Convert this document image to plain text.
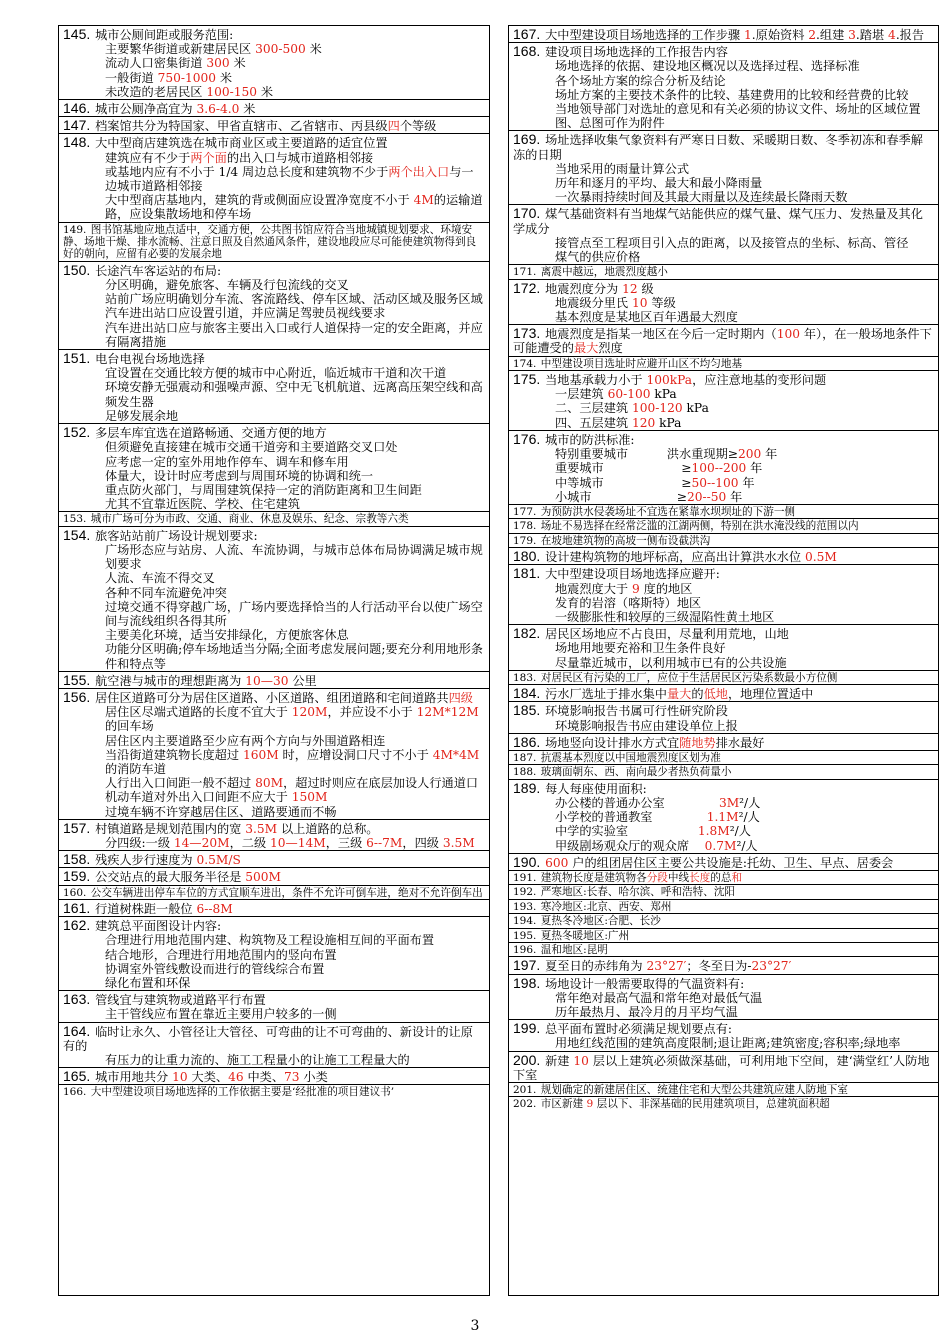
145. 城市公厕间距或服务范围:
主要繁华街道或新建居民区 300-500 米
流动人口密集街道 300 米
一般街道 750-1000 米
未改造的老居民区 100-150 米
146. 城市公厕净高宜为 3.6-4.0 米
147. 档案馆共分为特国家、甲省直辖市、乙省辖市、丙县级四个等级
148. 大中型商店建筑选在城市商业区或主要道路的适宜位置
建筑应有不少于两个面的出入口与城市道路相邻接
或基地内应有不小于 1/4 周边总长度和建筑物不少于两个出入口与一边城市道路相邻接
大中型商店基地内，建筑的背或侧面应设置净宽度不小于 4M的运输道路，应设集散场地和停车场
149. 图书馆基地应地点适中，交通方便，公共图书馆应符合当地城镇规划要求、环境安静、场地干燥、排水流畅、注意日照及自然通风条件，建设地段应尽可能使建筑物得到良好的朝向，应留有必要的发展余地
150. 长途汽车客运站的布局:
分区明确，避免旅客、车辆及行包流线的交叉
站前广场应明确划分车流、客流路线、停车区域、活动区域及服务区域
汽车进出站口应设置引道，并应满足驾驶员视线要求
汽车进出站口应与旅客主要出入口或行人道保持一定的安全距离，并应有隔离措施
151. 电台电视台场地选择
宜设置在交通比较方便的城市中心附近，临近城市干道和次干道
环境安静无强震动和强噪声源、空中无飞机航道、远离高压架空线和高频发生器
足够发展余地
152. 多层车库宜选在道路畅通、交通方便的地方
但须避免直接建在城市交通干道旁和主要道路交叉口处
应考虑一定的室外用地作停车、调车和修车用
体量大，设计时应考虑到与周围环境的协调和统一
重点防火部门，与周围建筑保持一定的消防距离和卫生间距
尤其不宜靠近医院、学校、住宅建筑
153. 城市广场可分为市政、交通、商业、休息及娱乐、纪念、宗教等六类
154. 旅客站站前广场设计规划要求:
广场形态应与站房、人流、车流协调，与城市总体布局协调满足城市规划要求
人流、车流不得交叉
各种不同车流避免冲突
过境交通不得穿越广场，广场内要选择恰当的人行活动平台以使广场空间与流线组织各得其所
主要美化环境，适当安排绿化，方便旅客休息
功能分区明确;停车场地适当分隔;全面考虑发展问题;要充分利用地形条件和特点等
155. 航空港与城市的理想距离为 10—30 公里
156. 居住区道路可分为居住区道路、小区道路、组团道路和宅间道路共四级
居住区尽端式道路的长度不宜大于 120M，并应设不小于 12M*12M 的回车场
居住区内主要道路至少应有两个方向与外围道路相连
当沿街道建筑物长度超过 160M 时，应增设洞口尺寸不小于 4M*4M 的消防车道
人行出入口间距一般不超过 80M，超过时则应在底层加设人行通道口
机动车道对外出入口间距不应大于 150M
过境车辆不许穿越居住区、道路要通而不畅
157. 村镇道路是规划范围内的宽 3.5M 以上道路的总称。
分四级:一级 14—20M，二级 10—14M，三级 6--7M，四级 3.5M
158. 残疾人步行速度为 0.5M/S
159. 公交站点的最大服务半径是 500M
160. 公交车辆进出停车车位的方式宜顺车进出，条件不允许可倒车进，绝对不允许倒车出
161. 行道树株距一般位 6--8M
162. 建筑总平面图设计内容:
合理进行用地范围内建、构筑物及工程设施相互间的平面布置
结合地形，合理进行用地范围内的竖向布置
协调室外管线敷设而进行的管线综合布置
绿化布置和环保
163. 管线宜与建筑物或道路平行布置
主干管线应布置在靠近主要用户较多的一侧
164. 临时让永久、小管径让大管径、可弯曲的让不可弯曲的、新设计的让原有的
有压力的让重力流的、施工工程量小的让施工工程量大的
165. 城市用地共分 10 大类、46 中类、73 小类
166. 大中型建设项目场地选择的工作依据主要是‘经批准的项目建议书’
167. 大中型建设项目场地选择的工作步骤 1.原始资料 2.组建 3.踏堪 4.报告
168. 建设项目场地选择的工作报告内容
场地选择的依据、建设地区概况以及选择过程、选择标准
各个场址方案的综合分析及结论
场址方案的主要技术条件的比较、基建费用的比较和经营费的比较
当地领导部门对选址的意见和有关必须的协议文件、场址的区域位置图、总图可作为附件
169. 场址选择收集气象资料有严寒日日数、采暖期日数、冬季初冻和春季解冻的日期
当地采用的雨量计算公式
历年和逐月的平均、最大和最小降雨量
一次暴雨持续时间及其最大雨量以及连续最长降雨天数
170. 煤气基础资料有当地煤气站能供应的煤气量、煤气压力、发热量及其化学成分
接管点至工程项目引入点的距离，以及接管点的坐标、标高、管径
煤气的供应价格
171. 离震中越远，地震烈度越小
172. 地震烈度分为 12 级
地震级分里氏 10 等级
基本烈度是某地区百年遇最大烈度
173. 地震烈度是指某一地区在今后一定时期内（100 年），在一般场地条件下可能遭受的最大烈度
174. 中型建设项目选址时应避开山区不均匀地基
175. 当地基承载力小于 100kPa，应注意地基的变形问题
一层建筑 60-100 kPa
二、三层建筑 100-120 kPa
四、五层建筑 120 kPa
176. 城市的防洪标准:
特别重要城市          洪水重现期≥200 年
重要城市                    ≥100--200 年
中等城市                    ≥50--100 年
小城市                      ≥20--50 年
177. 为预防洪水侵袭场址不宜选在紧靠水坝坝址的下游一侧
178. 场址不易选择在经常泛滥的江湖两侧，特别在洪水淹没线的范围以内
179. 在坡地建筑物的高坡一侧布设截洪沟
180. 设计建构筑物的地坪标高，应高出计算洪水水位 0.5M
181. 大中型建设项目场地选择应避开:
地震烈度大于 9 度的地区
发育的岩溶（喀斯特）地区
一级膨胀性和较厚的三级湿陷性黄土地区
182. 居民区场地应不占良田，尽量利用荒地，山地
场地用地要充裕和卫生条件良好
尽量靠近城市，以利用城市已有的公共设施
183. 对居民区有污染的工厂，应位于生活居民区污染系数最小方位侧
184. 污水厂选址于排水集中量大的低地，地理位置适中
185. 环境影响报告书属可行性研究阶段
环境影响报告书应由建设单位上报
186. 场地竖向设计排水方式宜随地势排水最好
187. 抗震基本烈度以中国地震烈度区划为准
188. 玻璃面朝东、西、南向最少者热负荷量小
189. 每人每座使用面积:
办公楼的普通办公室              3M²/人
小学校的普通教室              1.1M²/人
中学的实验室                  1.8M²/人
甲级剧场观众厅的观众席    0.7M²/人
190. 600 户的组团居住区主要公共设施是:托幼、卫生、早点、居委会
191. 建筑物长度是建筑物各分段中线长度的总和
192. 严寒地区:长春、哈尔滨、呼和浩特、沈阳
193. 寒冷地区:北京、西安、郑州
194. 夏热冬冷地区:合肥、长沙
195. 夏热冬暖地区:广州
196. 温和地区:昆明
197. 夏至日的赤纬角为 23°27′；冬至日为-23°27′
198. 场地设计一般需要取得的气温资料有:
常年绝对最高气温和常年绝对最低气温
历年最热月、最冷月的月平均气温
199. 总平面布置时必须满足规划要点有:
用地红线范围的建筑高度限制;退让距离;建筑密度;容积率;绿地率
200. 新建 10 层以上建筑必须做深基础，可利用地下空间，建‘满堂红’人防地下室
201. 规划确定的新建居住区、统建住宅和大型公共建筑应建人防地下室
202. 市区新建 9 层以下、非深基础的民用建筑项目，总建筑面积超
3
